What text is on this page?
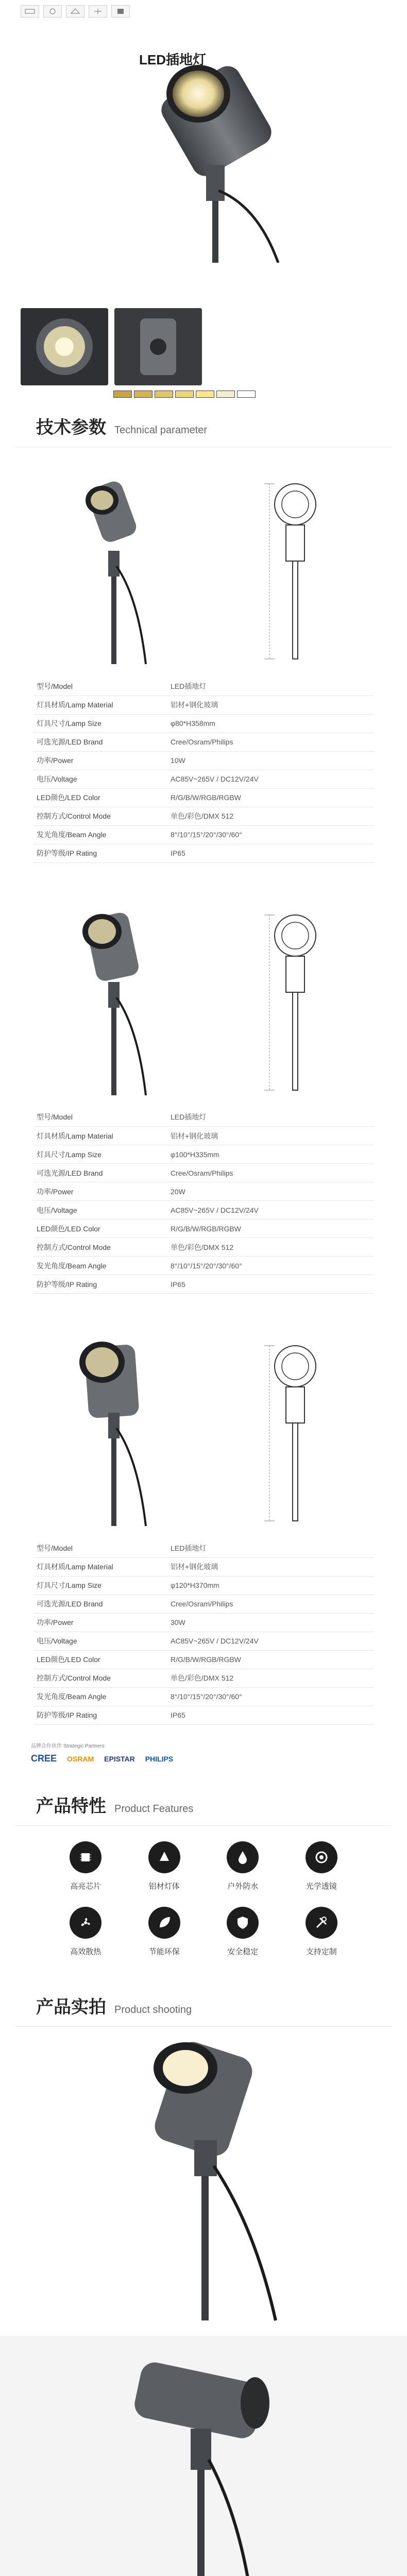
LED插地灯
技术参数 Technical parameter
型号/Model	LED插地灯
灯具材质/Lamp Material	铝材+钢化玻璃
灯具尺寸/Lamp Size	φ80*H358mm
可选光源/LED Brand	Cree/Osram/Philips
功率/Power	10W
电压/Voltage	AC85V~265V / DC12V/24V
LED颜色/LED Color	R/G/B/W/RGB/RGBW
控制方式/Control Mode	单色/彩色/DMX 512
发光角度/Beam Angle	8°/10°/15°/20°/30°/60°
防护等级/IP Rating	IP65
型号/Model	LED插地灯
灯具材质/Lamp Material	铝材+钢化玻璃
灯具尺寸/Lamp Size	φ100*H335mm
可选光源/LED Brand	Cree/Osram/Philips
功率/Power	20W
电压/Voltage	AC85V~265V / DC12V/24V
LED颜色/LED Color	R/G/B/W/RGB/RGBW
控制方式/Control Mode	单色/彩色/DMX 512
发光角度/Beam Angle	8°/10°/15°/20°/30°/60°
防护等级/IP Rating	IP65
型号/Model	LED插地灯
灯具材质/Lamp Material	铝材+钢化玻璃
灯具尺寸/Lamp Size	φ120*H370mm
可选光源/LED Brand	Cree/Osram/Philips
功率/Power	30W
电压/Voltage	AC85V~265V / DC12V/24V
LED颜色/LED Color	R/G/B/W/RGB/RGBW
控制方式/Control Mode	单色/彩色/DMX 512
发光角度/Beam Angle	8°/10°/15°/20°/30°/60°
防护等级/IP Rating	IP65
品牌合作伙伴 Strategic Partners
CREE OSRAM EPISTAR PHILIPS
产品特性 Product Features
高亮芯片	铝材灯体	户外防水	光学透镜
高效散热	节能环保	安全稳定	支持定制
产品实拍 Product shooting
